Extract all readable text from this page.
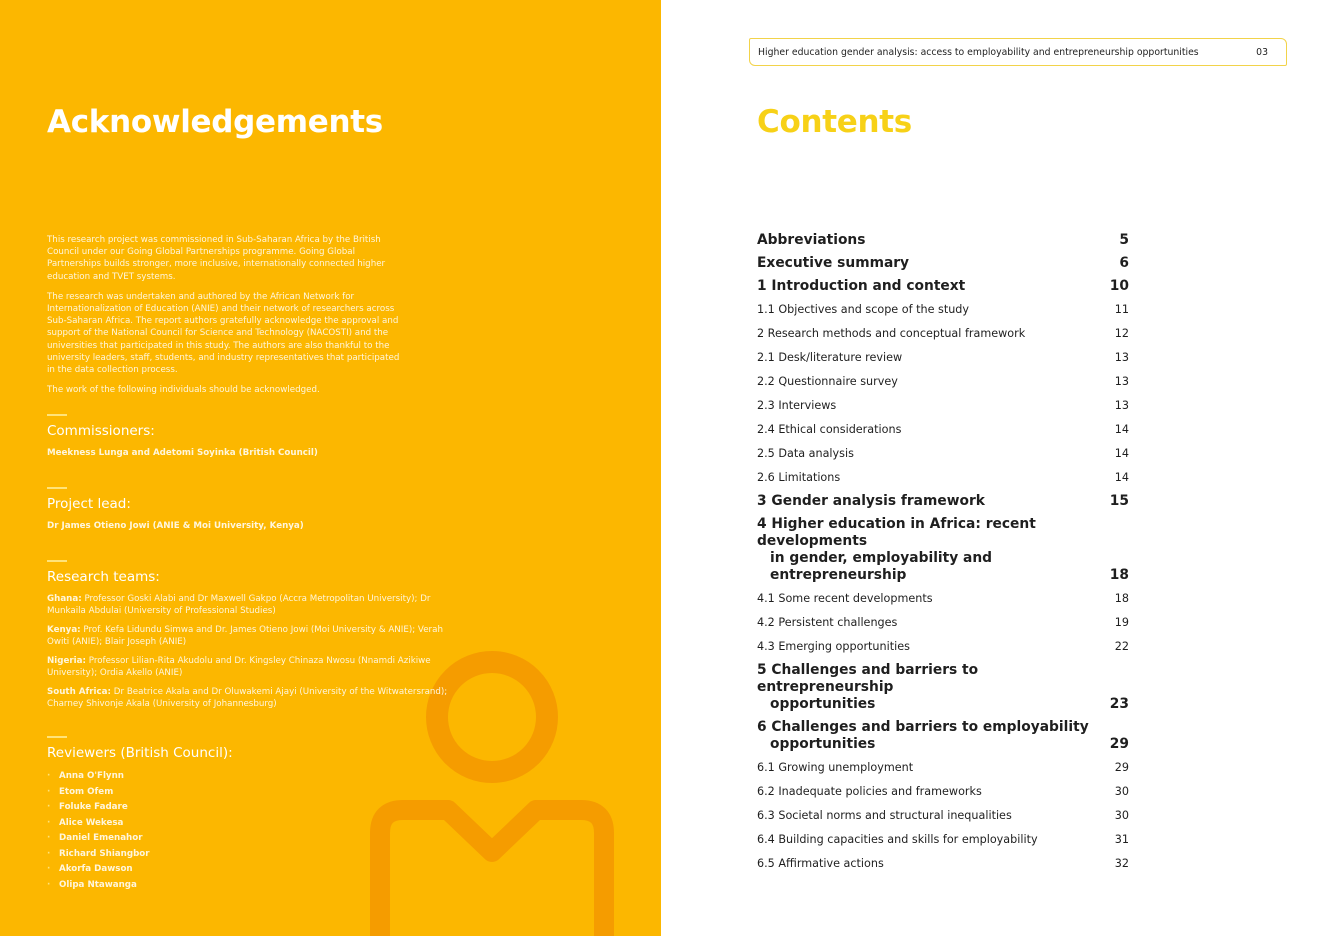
Acknowledgements

This research project was commissioned in Sub-Saharan Africa by the British Council under our Going Global Partnerships programme. Going Global Partnerships builds stronger, more inclusive, internationally connected higher education and TVET systems.

The research was undertaken and authored by the African Network for Internationalization of Education (ANIE) and their network of researchers across Sub-Saharan Africa. The report authors gratefully acknowledge the approval and support of the National Council for Science and Technology (NACOSTI) and the universities that participated in this study. The authors are also thankful to the university leaders, staff, students, and industry representatives that participated in the data collection process.

The work of the following individuals should be acknowledged.

Commissioners:
Meekness Lunga and Adetomi Soyinka (British Council)
Project lead:
Dr James Otieno Jowi (ANIE & Moi University, Kenya)
Research teams:

Ghana: Professor Goski Alabi and Dr Maxwell Gakpo (Accra Metropolitan University); Dr Munkaila Abdulai (University of Professional Studies)

Kenya: Prof. Kefa Lidundu Simwa and Dr. James Otieno Jowi (Moi University & ANIE); Verah Owiti (ANIE); Blair Joseph (ANIE)

Nigeria: Professor Lilian-Rita Akudolu and Dr. Kingsley Chinaza Nwosu (Nnamdi Azikiwe University); Ordia Akello (ANIE)

South Africa: Dr Beatrice Akala and Dr Oluwakemi Ajayi (University of the Witwatersrand); Charney Shivonje Akala (University of Johannesburg)

Reviewers (British Council):
· Anna O'Flynn
· Etom Ofem
· Foluke Fadare
· Alice Wekesa
· Daniel Emenahor
· Richard Shiangbor
· Akorfa Dawson
· Olipa Ntawanga
Higher education gender analysis: access to employability and entrepreneurship opportunities	03
Contents
Abbreviations	5
Executive summary	6
1 Introduction and context	10
1.1 Objectives and scope of the study	11
2 Research methods and conceptual framework	12
2.1 Desk/literature review	13
2.2 Questionnaire survey	13
2.3 Interviews	13
2.4 Ethical considerations	14
2.5 Data analysis	14
2.6 Limitations	14
3 Gender analysis framework	15
4 Higher education in Africa: recent developments
in gender, employability and entrepreneurship	18
4.1 Some recent developments	18
4.2 Persistent challenges	19
4.3 Emerging opportunities	22
5 Challenges and barriers to entrepreneurship
opportunities	23
6 Challenges and barriers to employability
opportunities	29
6.1 Growing unemployment	29
6.2 Inadequate policies and frameworks	30
6.3 Societal norms and structural inequalities	30
6.4 Building capacities and skills for employability	31
6.5 Affirmative actions	32
